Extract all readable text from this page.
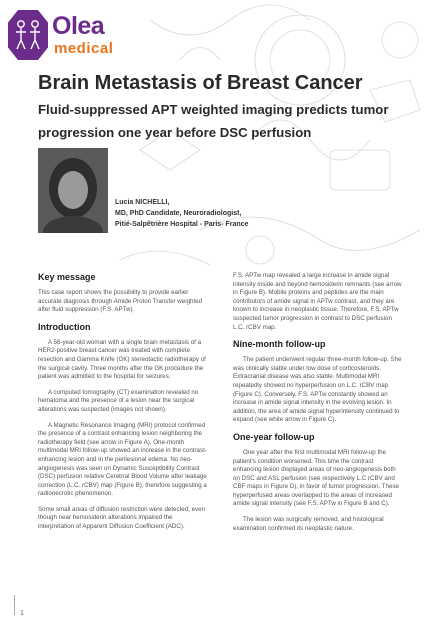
Olea
medical
Brain Metastasis of Breast Cancer
Fluid-suppressed APT weighted imaging predicts tumor progression one year before DSC perfusion
Lucia NICHELLI,
MD, PhD Candidate, Neuroradiologist,
Pitié-Salpêtrière Hospital - Paris- France
Key message

This case report shows the possibility to provide earlier accurate diagnosis through Amide Proton Transfer weighted after fluid suppression (F.S. APTw).

Introduction

A 56-year-old woman with a single brain metastasis of a HER2-positive breast cancer was treated with complete resection and Gamma Knife (GK) stereotactic radiotherapy of the surgical cavity. Three months after the GK procedure the patient was admitted to the hospital for seizures.

A computed tomography (CT) examination revealed no hematoma and the presence of a lesion near the surgical alterations was suspected (images not shown).

A Magnetic Resonance Imaging (MRI) protocol confirmed the presence of a contrast enhancing lesion neighboring the radiotherapy field (see arrow in Figure A). One-month multimodal MRI follow-up showed an increase in the contrast-enhancing lesion and in the perilesional edema. No neo-angiogenesis was seen on Dynamic Susceptibility Contrast (DSC) perfusion relative Cerebral Blood Volume after leakage correction (L.C. rCBV) map (Figure B), therefore suggesting a radionecrotic phenomenon.

Some small areas of diffusion restriction were detected, even though near hemosiderin alterations impaired the interpretation of Apparent Diffusion Coefficient (ADC).

F.S. APTw map revealed a large increase in amide signal intensity inside and beyond hemosiderin remnants (see arrow in Figure B). Mobile proteins and peptides are the main contributors of amide signal in APTw contrast, and they are known to increase in neoplastic tissue. Therefore, F.S. APTw suspected tumor progression in contrast to DSC perfusion L.C. rCBV map.

Nine-month follow-up

The patient underwent regular three-month follow-up. She was clinically stable under low dose of corticosteroids. Extracranial disease was also stable. Multimodal MRI repeatedly showed no hyperperfusion on L.C. rCBV map (Figure C). Conversely, F.S. APTw constantly showed an increase in amide signal intensity in the evolving lesion. In addition, the area of amide signal hyperintensity continued to expand (see white arrow in Figure C).

One-year follow-up

One year after the first multimodal MRI follow-up the patient's condition worsened. This time the contrast enhancing lesion displayed areas of neo-angiogenesis both on DSC and ASL perfusion (see respectively L.C rCBV and CBF maps in Figure D), in favor of tumor progression. These hyperperfused areas overlapped to the areas of increased amide signal intensity (see F.S. APTw in Figure B and C).

The lesion was surgically removed, and histological examination confirmed its neoplastic nature.

1
